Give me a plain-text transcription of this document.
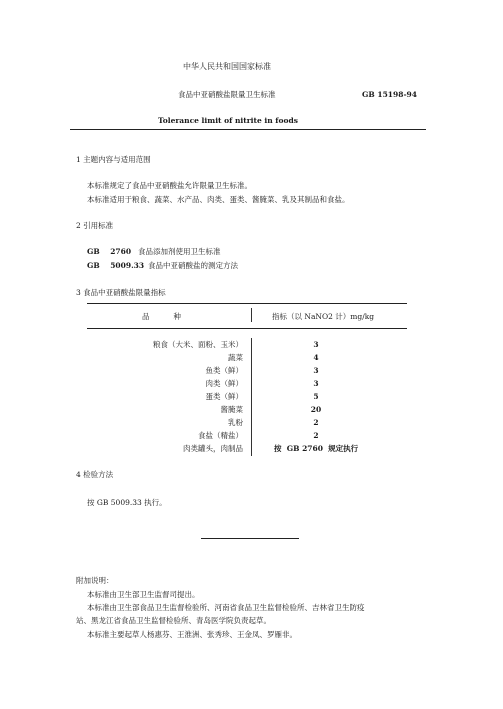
中华人民共和国国家标准
食品中亚硝酸盐限量卫生标准	GB 15198-94
Tolerance limit of nitrite in foods
1 主题内容与适用范围
本标准规定了食品中亚硝酸盐允许限量卫生标准。
本标准适用于粮食、蔬菜、水产品、肉类、蛋类、酱腌菜、乳及其制品和食盐。
2 引用标准
GB    2760 食品添加剂使用卫生标准
GB    5009.33 食品中亚硝酸盐的测定方法
3 食品中亚硝酸盐限量指标
品          种	指标（以 NaNO2 计）mg/kg
粮食（大米、面粉、玉米）	3
蔬菜	4
鱼类（鲜）	3
肉类（鲜）	3
蛋类（鲜）	5
酱腌菜	20
乳粉	2
食盐（精盐）	2
肉类罐头，肉制品	按  GB 2760  规定执行
4 检验方法
按 GB 5009.33 执行。
附加说明：
本标准由卫生部卫生监督司提出。
本标准由卫生部食品卫生监督检验所、河南省食品卫生监督检验所、吉林省卫生防疫
站、黑龙江省食品卫生监督检验所、青岛医学院负责起草。
本标准主要起草人杨惠芬、王淮洲、张秀珍、王金凤、罗雁非。
